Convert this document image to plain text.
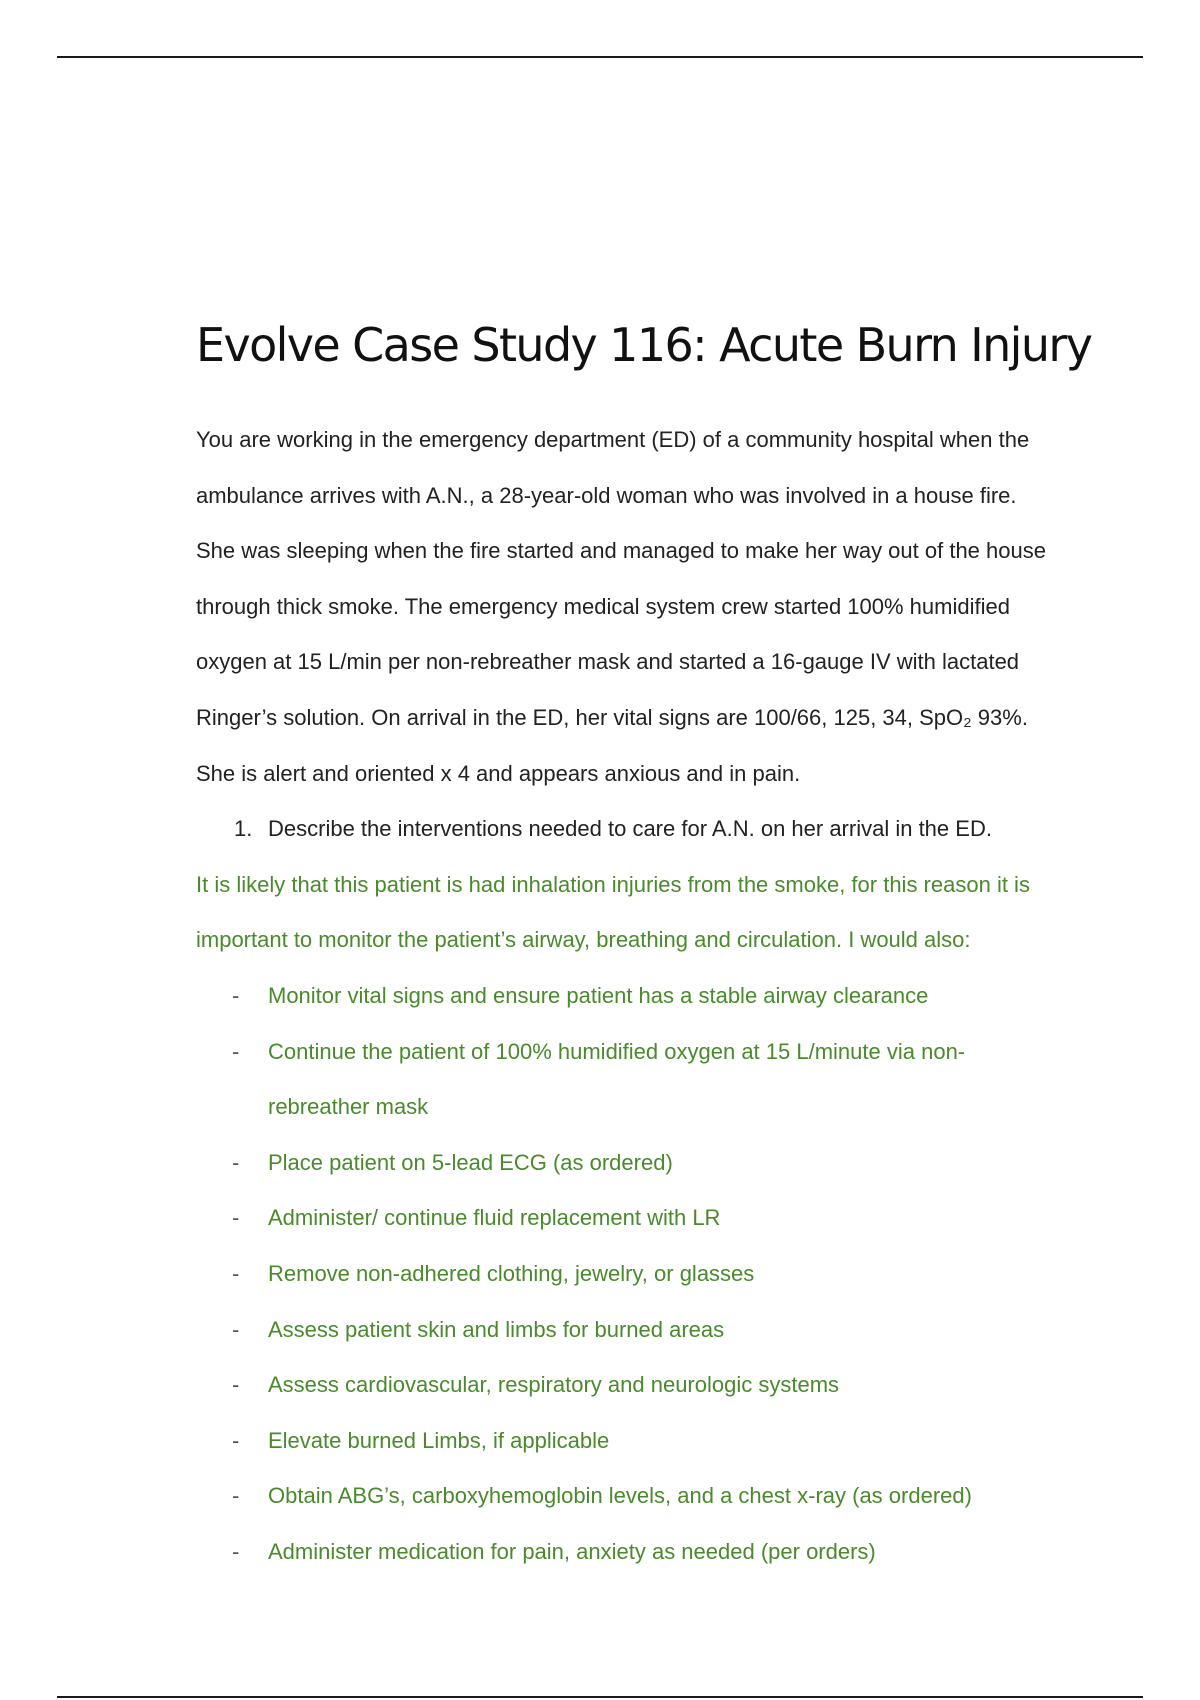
Evolve Case Study 116: Acute Burn Injury
You are working in the emergency department (ED) of a community hospital when the
ambulance arrives with A.N., a 28-year-old woman who was involved in a house fire.
She was sleeping when the fire started and managed to make her way out of the house
through thick smoke. The emergency medical system crew started 100% humidified
oxygen at 15 L/min per non-rebreather mask and started a 16-gauge IV with lactated
Ringer’s solution. On arrival in the ED, her vital signs are 100/66, 125, 34, SpO₂ 93%.
She is alert and oriented x 4 and appears anxious and in pain.
1. Describe the interventions needed to care for A.N. on her arrival in the ED.
It is likely that this patient is had inhalation injuries from the smoke, for this reason it is
important to monitor the patient’s airway, breathing and circulation. I would also:
- Monitor vital signs and ensure patient has a stable airway clearance
- Continue the patient of 100% humidified oxygen at 15 L/minute via non-
rebreather mask
- Place patient on 5-lead ECG (as ordered)
- Administer/ continue fluid replacement with LR
- Remove non-adhered clothing, jewelry, or glasses
- Assess patient skin and limbs for burned areas
- Assess cardiovascular, respiratory and neurologic systems
- Elevate burned Limbs, if applicable
- Obtain ABG’s, carboxyhemoglobin levels, and a chest x-ray (as ordered)
- Administer medication for pain, anxiety as needed (per orders)
